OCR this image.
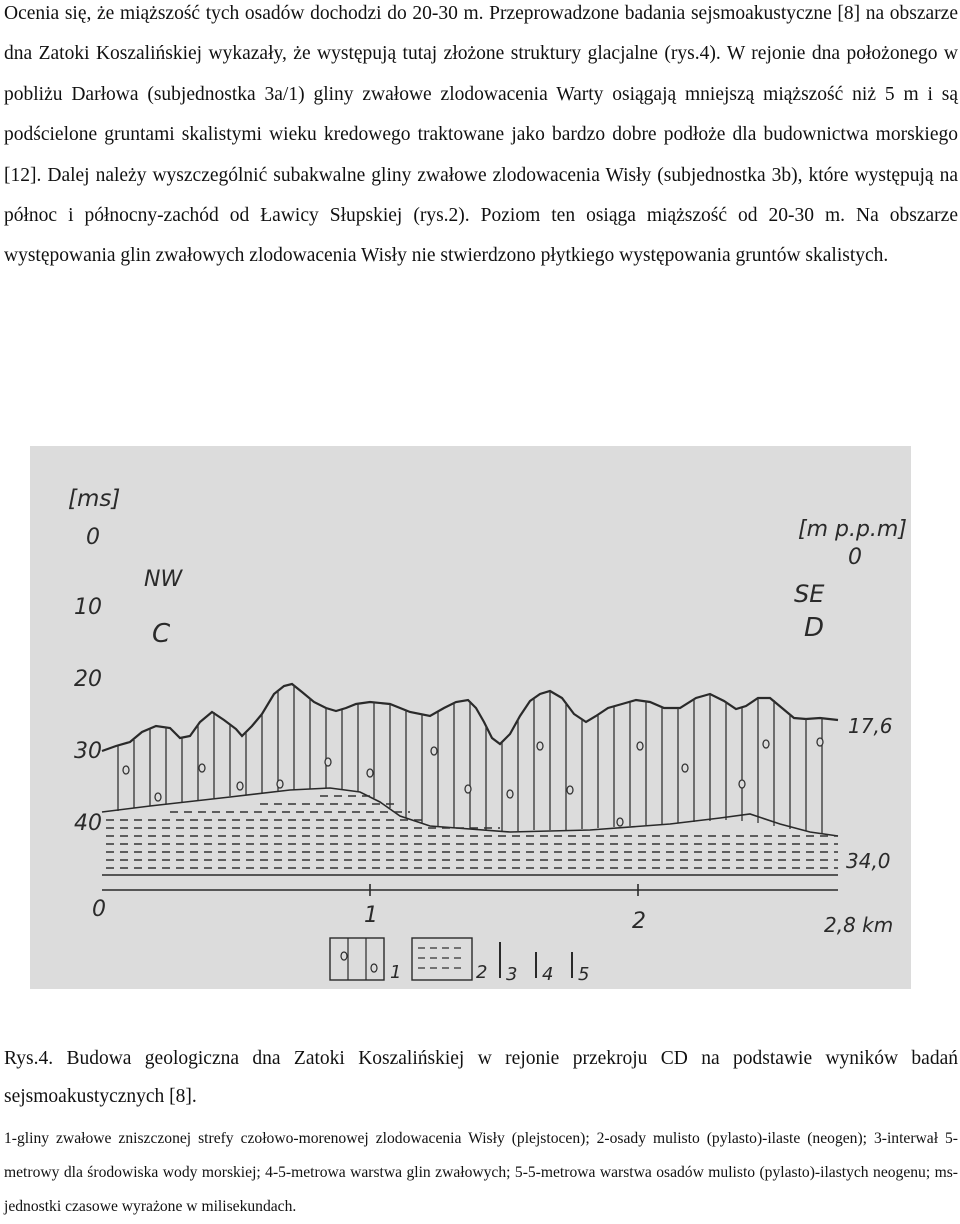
Ocenia się, że miąższość tych osadów dochodzi do 20-30 m. Przeprowadzone badania sejsmoakustyczne [8] na obszarze dna Zatoki Koszalińskiej wykazały, że występują tutaj złożone struktury glacjalne (rys.4). W rejonie dna położonego w pobliżu Darłowa (subjednostka 3a/1) gliny zwałowe zlodowacenia Warty osiągają mniejszą miąższość niż 5 m i są podścielone gruntami skalistymi wieku kredowego traktowane jako bardzo dobre podłoże dla budownictwa morskiego [12]. Dalej należy wyszczególnić subakwalne gliny zwałowe zlodowacenia Wisły (subjednostka 3b), które występują na północ i północny-zachód od Ławicy Słupskiej (rys.2). Poziom ten osiąga miąższość od 20-30 m. Na obszarze występowania glin zwałowych zlodowacenia Wisły nie stwierdzono płytkiego występowania gruntów skalistych.
[ms]
[m p.p.m]
0
10
20
30
40
0
17,6
34,0
NW
C
SE
D
0	1	2	2,8 km
1	2 3 4 5
Rys.4. Budowa geologiczna dna Zatoki Koszalińskiej w rejonie przekroju CD na podstawie wyników badań sejsmoakustycznych [8].
1-gliny zwałowe zniszczonej strefy czołowo-morenowej zlodowacenia Wisły (plejstocen); 2-osady mulisto (pylasto)-ilaste (neogen); 3-interwał 5-metrowy dla środowiska wody morskiej; 4-5-metrowa warstwa glin zwałowych; 5-5-metrowa warstwa osadów mulisto (pylasto)-ilastych neogenu; ms-jednostki czasowe wyrażone w milisekundach.
